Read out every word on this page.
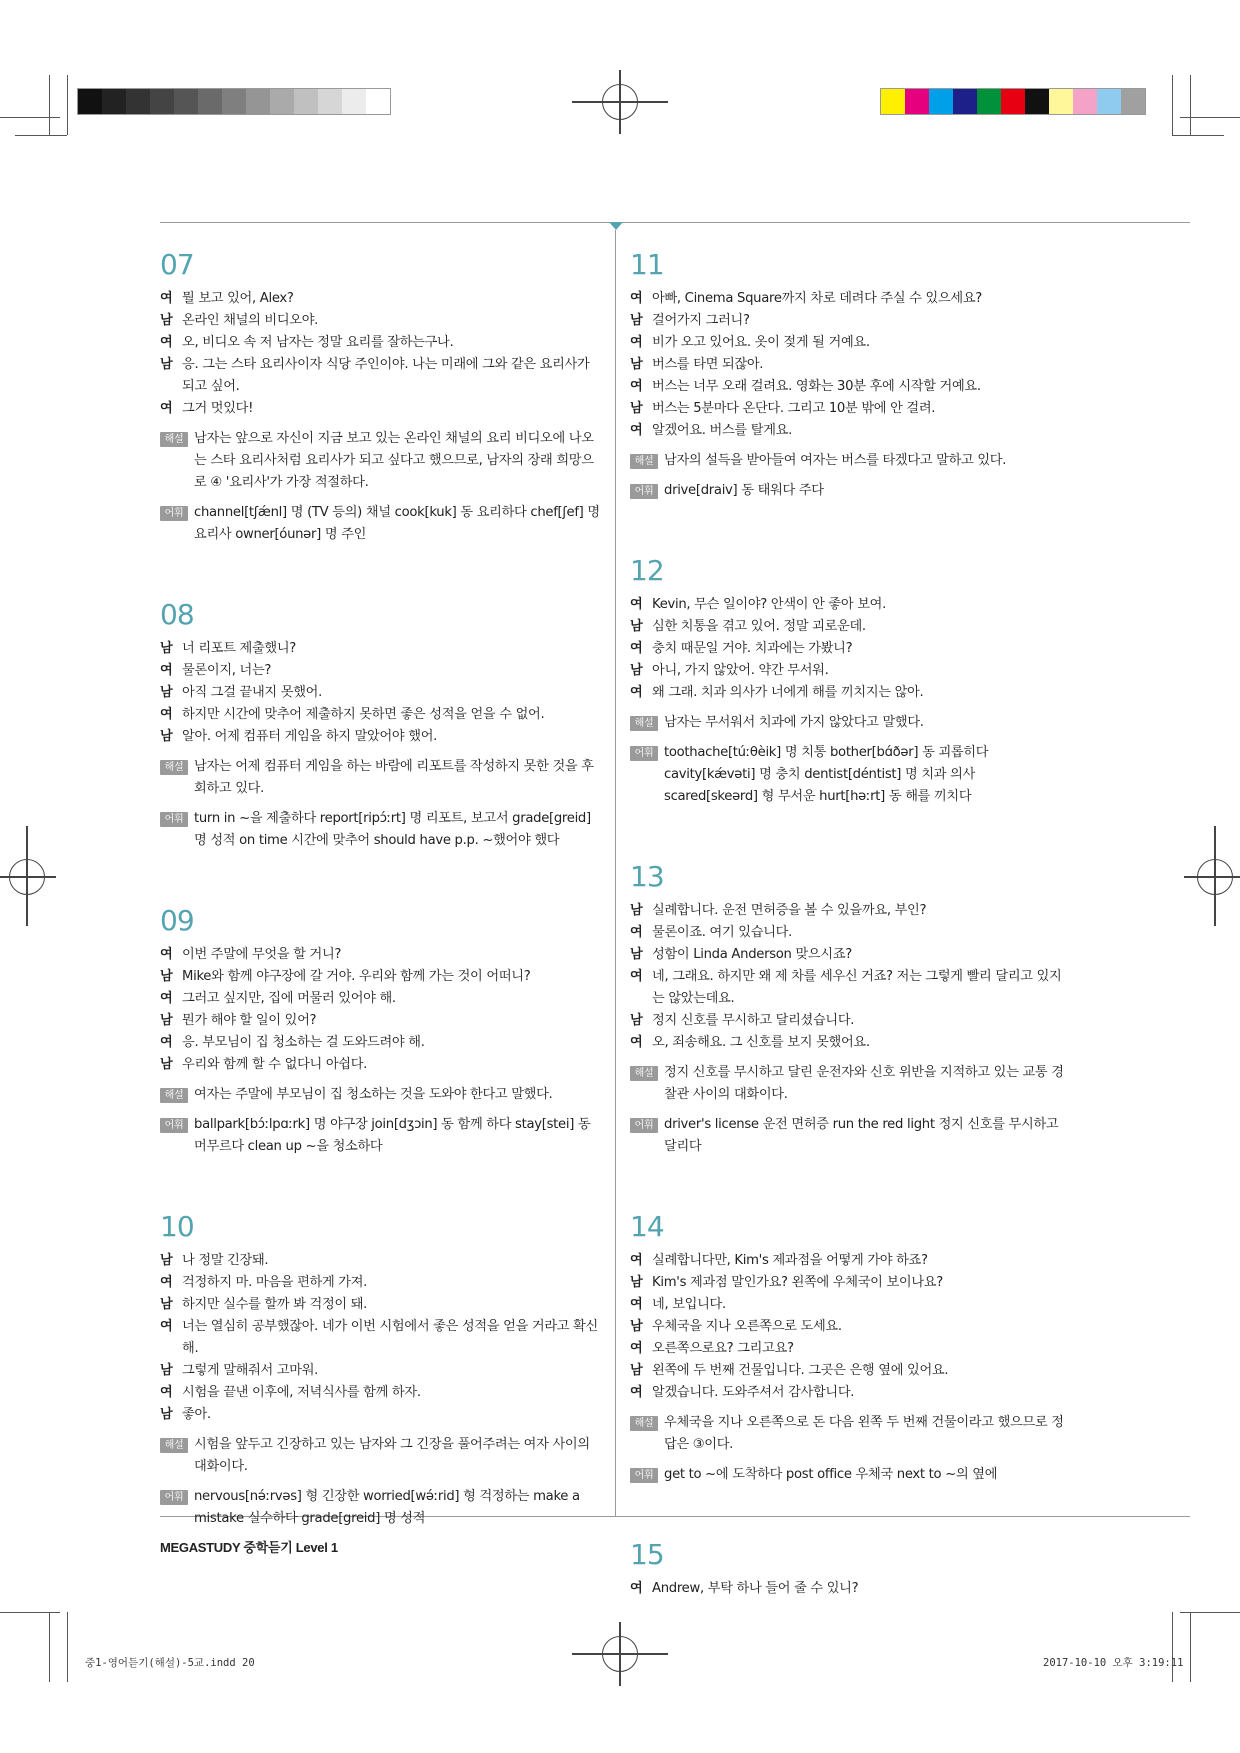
07
여 뭘 보고 있어, Alex?
남 온라인 채널의 비디오야.
여 오, 비디오 속 저 남자는 정말 요리를 잘하는구나.
남 응. 그는 스타 요리사이자 식당 주인이야. 나는 미래에 그와 같은 요리사가 되고 싶어.
여 그거 멋있다!
해설 남자는 앞으로 자신이 지금 보고 있는 온라인 채널의 요리 비디오에 나오는 스타 요리사처럼 요리사가 되고 싶다고 했으므로, 남자의 장래 희망으로 ④ '요리사'가 가장 적절하다.
어휘 channel[tʃǽnl] 명 (TV 등의) 채널 cook[kuk] 동 요리하다 chef[ʃef] 명 요리사 owner[óunər] 명 주인
08
남 너 리포트 제출했니?
여 물론이지, 너는?
남 아직 그걸 끝내지 못했어.
여 하지만 시간에 맞추어 제출하지 못하면 좋은 성적을 얻을 수 없어.
남 알아. 어제 컴퓨터 게임을 하지 말았어야 했어.
해설 남자는 어제 컴퓨터 게임을 하는 바람에 리포트를 작성하지 못한 것을 후회하고 있다.
어휘 turn in ~을 제출하다 report[ripɔ́ːrt] 명 리포트, 보고서 grade[greid] 명 성적 on time 시간에 맞추어 should have p.p. ~했어야 했다
09
여 이번 주말에 무엇을 할 거니?
남 Mike와 함께 야구장에 갈 거야. 우리와 함께 가는 것이 어떠니?
여 그러고 싶지만, 집에 머물러 있어야 해.
남 뭔가 해야 할 일이 있어?
여 응. 부모님이 집 청소하는 걸 도와드려야 해.
남 우리와 함께 할 수 없다니 아쉽다.
해설 여자는 주말에 부모님이 집 청소하는 것을 도와야 한다고 말했다.
어휘 ballpark[bɔ́ːlpɑːrk] 명 야구장 join[dʒɔin] 동 함께 하다 stay[stei] 동 머무르다 clean up ~을 청소하다
10
남 나 정말 긴장돼.
여 걱정하지 마. 마음을 편하게 가져.
남 하지만 실수를 할까 봐 걱정이 돼.
여 너는 열심히 공부했잖아. 네가 이번 시험에서 좋은 성적을 얻을 거라고 확신해.
남 그렇게 말해줘서 고마워.
여 시험을 끝낸 이후에, 저녁식사를 함께 하자.
남 좋아.
해설 시험을 앞두고 긴장하고 있는 남자와 그 긴장을 풀어주려는 여자 사이의 대화이다.
어휘 nervous[nə́ːrvəs] 형 긴장한 worried[wə́ːrid] 형 걱정하는 make a mistake 실수하다 grade[greid] 명 성적
11
여 아빠, Cinema Square까지 차로 데려다 주실 수 있으세요?
남 걸어가지 그러니?
여 비가 오고 있어요. 옷이 젖게 될 거예요.
남 버스를 타면 되잖아.
여 버스는 너무 오래 걸려요. 영화는 30분 후에 시작할 거예요.
남 버스는 5분마다 온단다. 그리고 10분 밖에 안 걸려.
여 알겠어요. 버스를 탈게요.
해설 남자의 설득을 받아들여 여자는 버스를 타겠다고 말하고 있다.
어휘 drive[draiv] 동 태워다 주다
12
여 Kevin, 무슨 일이야? 안색이 안 좋아 보여.
남 심한 치통을 겪고 있어. 정말 괴로운데.
여 충치 때문일 거야. 치과에는 가봤니?
남 아니, 가지 않았어. 약간 무서워.
여 왜 그래. 치과 의사가 너에게 해를 끼치지는 않아.
해설 남자는 무서워서 치과에 가지 않았다고 말했다.
어휘 toothache[túːθèik] 명 치통 bother[bɑ́ðər] 동 괴롭히다 cavity[kǽvəti] 명 충치 dentist[déntist] 명 치과 의사 scared[skeərd] 형 무서운 hurt[həːrt] 동 해를 끼치다
13
남 실례합니다. 운전 면허증을 볼 수 있을까요, 부인?
여 물론이죠. 여기 있습니다.
남 성함이 Linda Anderson 맞으시죠?
여 네, 그래요. 하지만 왜 제 차를 세우신 거죠? 저는 그렇게 빨리 달리고 있지는 않았는데요.
남 정지 신호를 무시하고 달리셨습니다.
여 오, 죄송해요. 그 신호를 보지 못했어요.
해설 정지 신호를 무시하고 달린 운전자와 신호 위반을 지적하고 있는 교통 경찰관 사이의 대화이다.
어휘 driver's license 운전 면허증 run the red light 정지 신호를 무시하고 달리다
14
여 실례합니다만, Kim's 제과점을 어떻게 가야 하죠?
남 Kim's 제과점 말인가요? 왼쪽에 우체국이 보이나요?
여 네, 보입니다.
남 우체국을 지나 오른쪽으로 도세요.
여 오른쪽으로요? 그리고요?
남 왼쪽에 두 번째 건물입니다. 그곳은 은행 옆에 있어요.
여 알겠습니다. 도와주셔서 감사합니다.
해설 우체국을 지나 오른쪽으로 돈 다음 왼쪽 두 번째 건물이라고 했으므로 정답은 ③이다.
어휘 get to ~에 도착하다 post office 우체국 next to ~의 옆에
15
여 Andrew, 부탁 하나 들어 줄 수 있니?
MEGASTUDY 중학듣기 Level 1
중1-영어듣기(해설)-5교.indd 20	2017-10-10 오후 3:19:11
